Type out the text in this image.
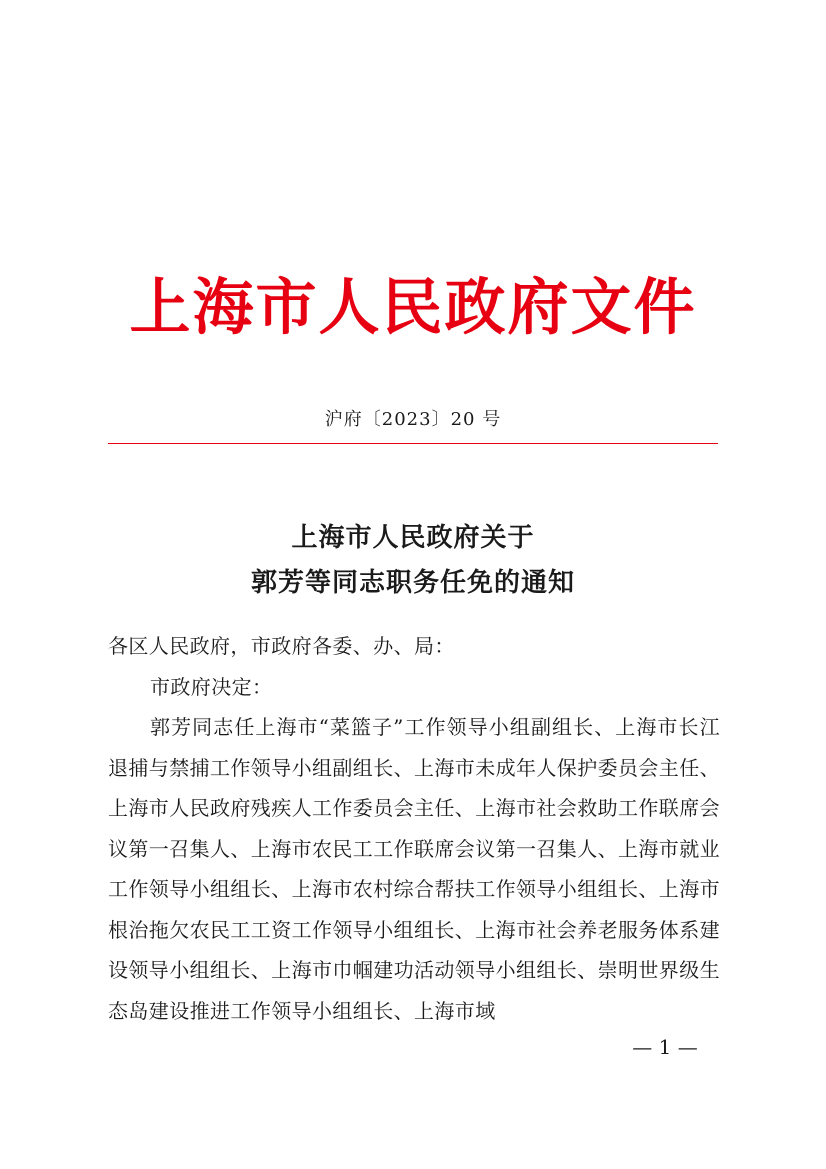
上海市人民政府文件
沪府〔2023〕20 号
上海市人民政府关于
郭芳等同志职务任免的通知

各区人民政府，市政府各委、办、局：

市政府决定：

郭芳同志任上海市“菜篮子”工作领导小组副组长、上海市长江退捕与禁捕工作领导小组副组长、上海市未成年人保护委员会主任、上海市人民政府残疾人工作委员会主任、上海市社会救助工作联席会议第一召集人、上海市农民工工作联席会议第一召集人、上海市就业工作领导小组组长、上海市农村综合帮扶工作领导小组组长、上海市根治拖欠农民工工资工作领导小组组长、上海市社会养老服务体系建设领导小组组长、上海市巾帼建功活动领导小组组长、崇明世界级生态岛建设推进工作领导小组组长、上海市域

— 1 —
